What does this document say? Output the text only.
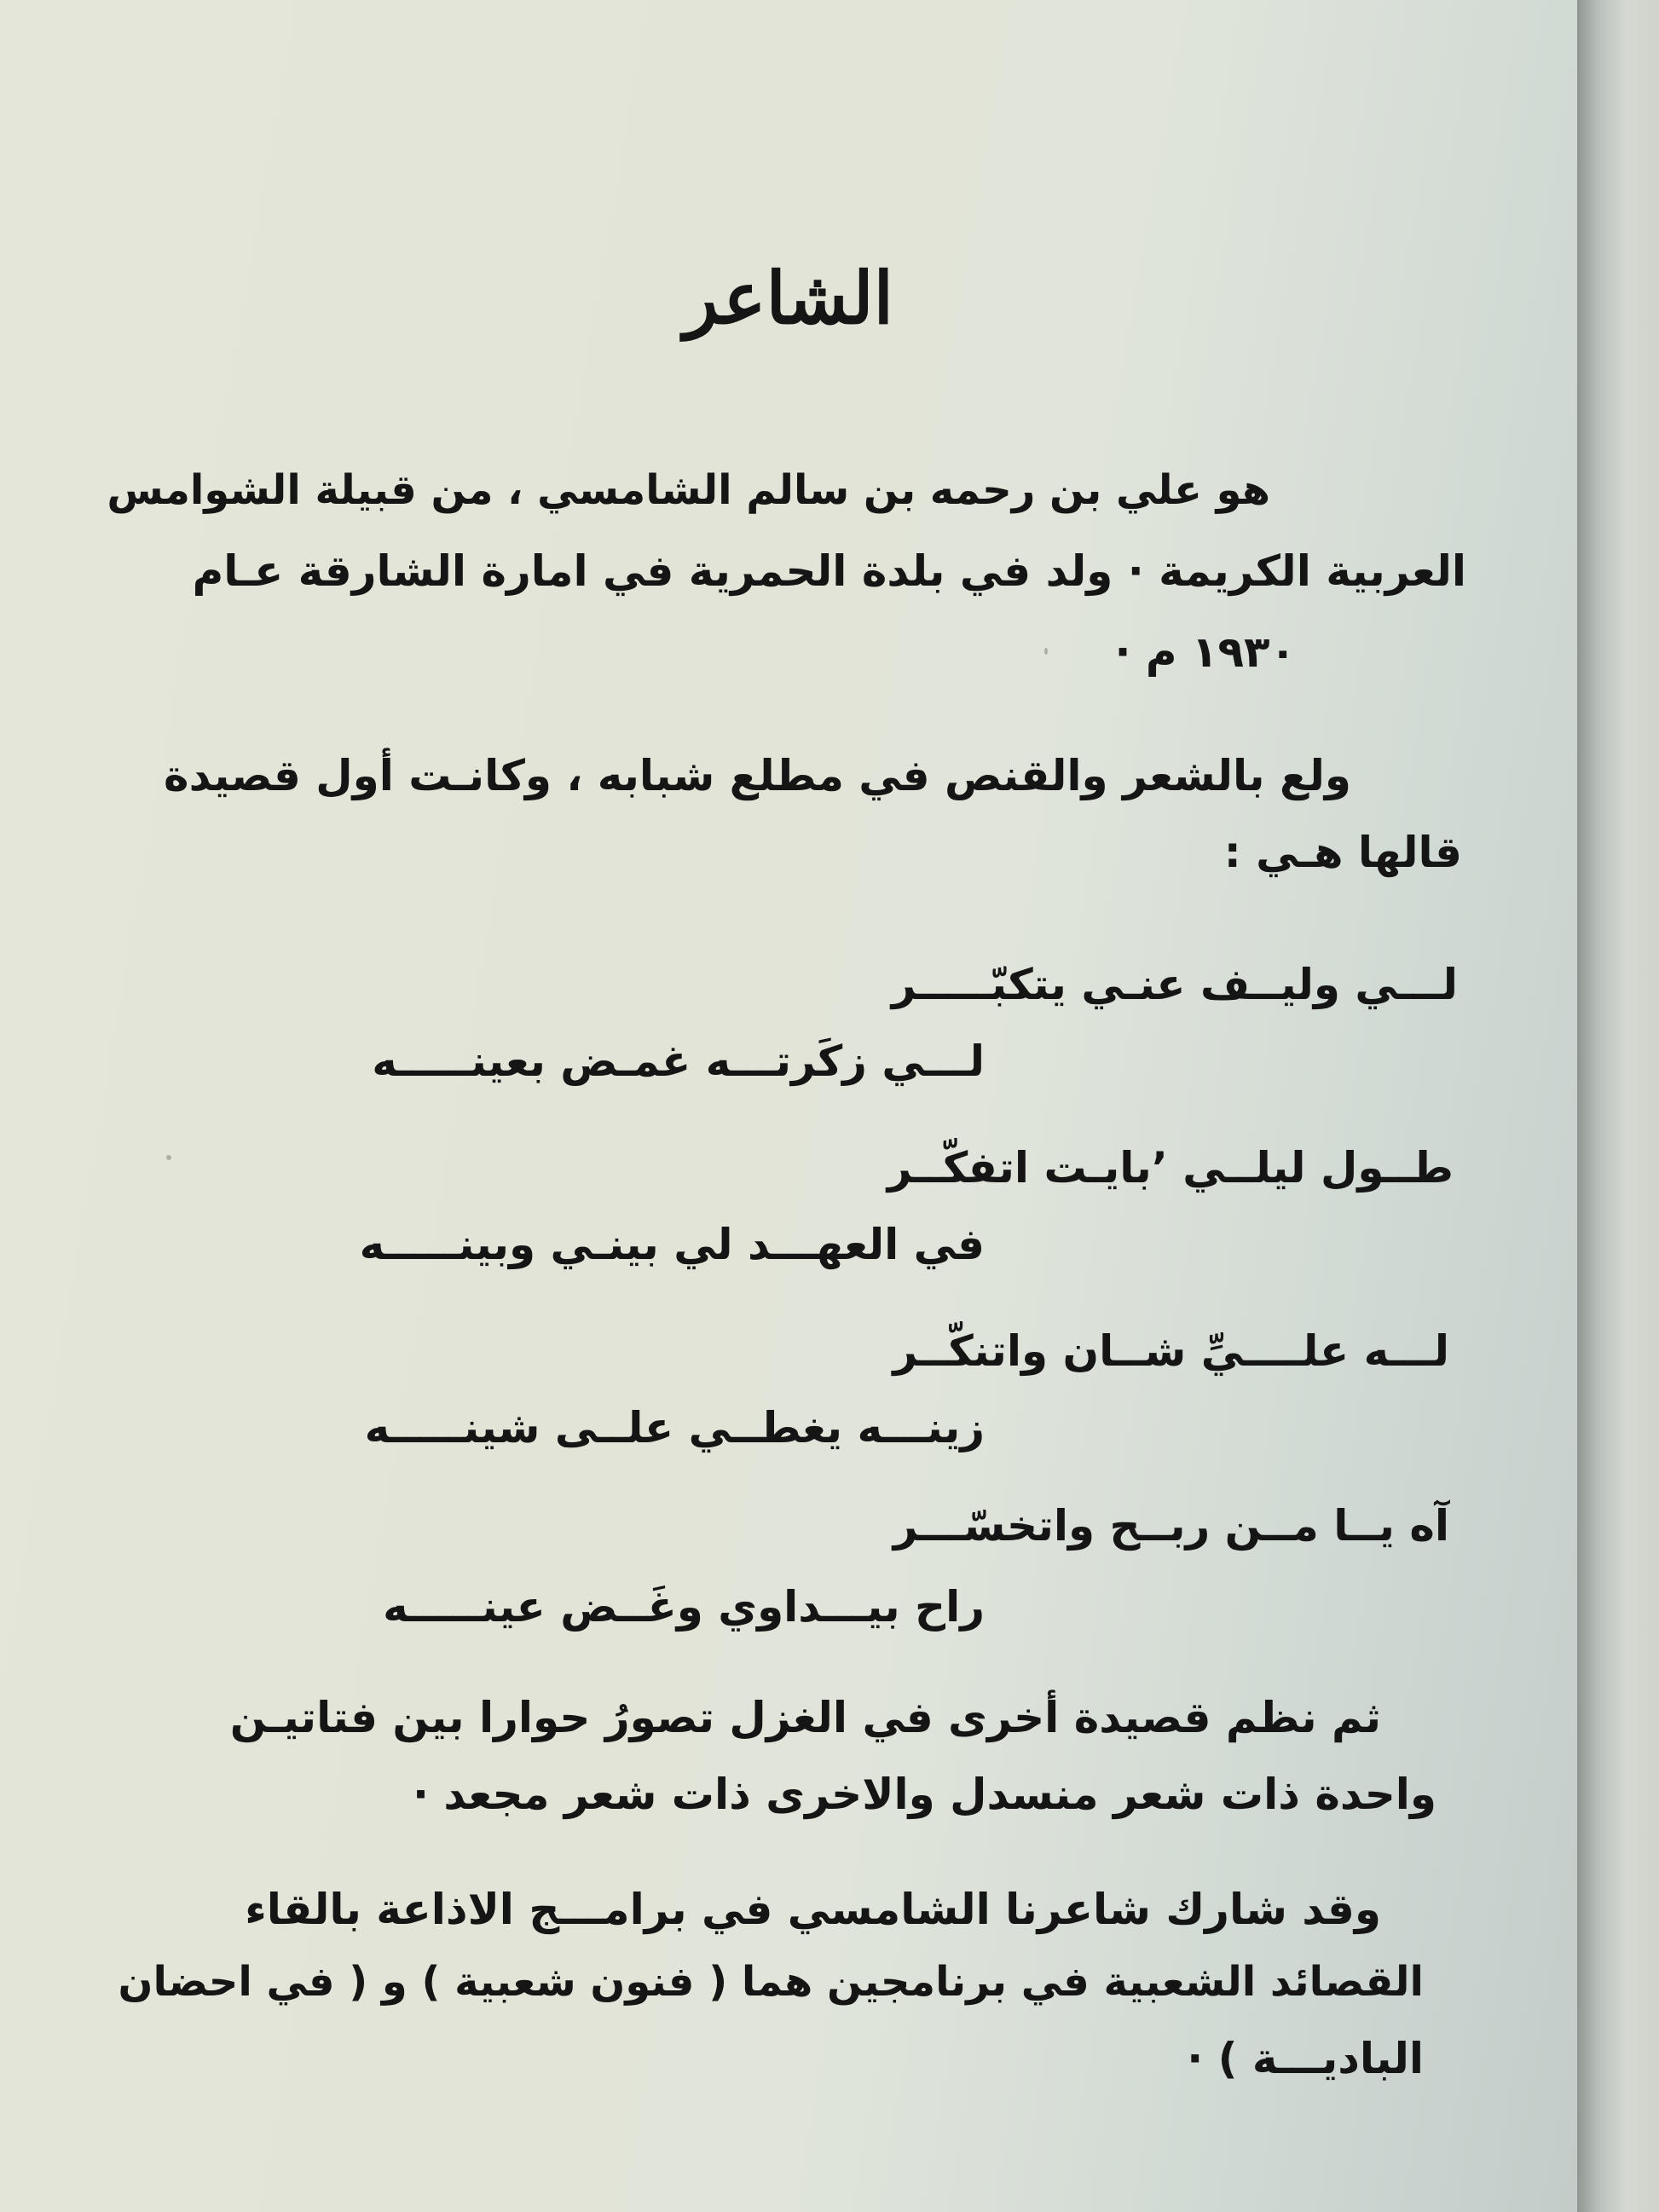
الشاعر
هو علي بن رحمه بن سالم الشامسي ، من قبيلة الشوامس
العربية الكريمة · ولد في بلدة الحمرية في امارة الشارقة عـام
١٩٣٠ م ·
ولع بالشعر والقنص في مطلع شبابه ، وكانـت أول قصيدة
قالها هـي :
لـــي وليــف عنـي يتكبّـــــر
لـــي زكَرتـــه غمـض بعينـــــه
طــول ليلــي ٬بايـت اتفكّــر
في العهـــد لي بينـي وبينـــــه
لـــه علــــيِّ شــان واتنكّــر
زينـــه يغطــي علــى شينـــــه
آه يــا مــن ربــح واتخسّـــر
راح بيـــداوي وغَــض عينـــــه
ثم نظم قصيدة أخرى في الغزل تصورُ حوارا بين فتاتيـن
واحدة ذات شعر منسدل والاخرى ذات شعر مجعد ·
وقد شارك شاعرنا الشامسي في برامـــج الاذاعة بالقاء
القصائد الشعبية في برنامجين هما ( فنون شعبية ) و ( في احضان
الباديـــة ) ·
